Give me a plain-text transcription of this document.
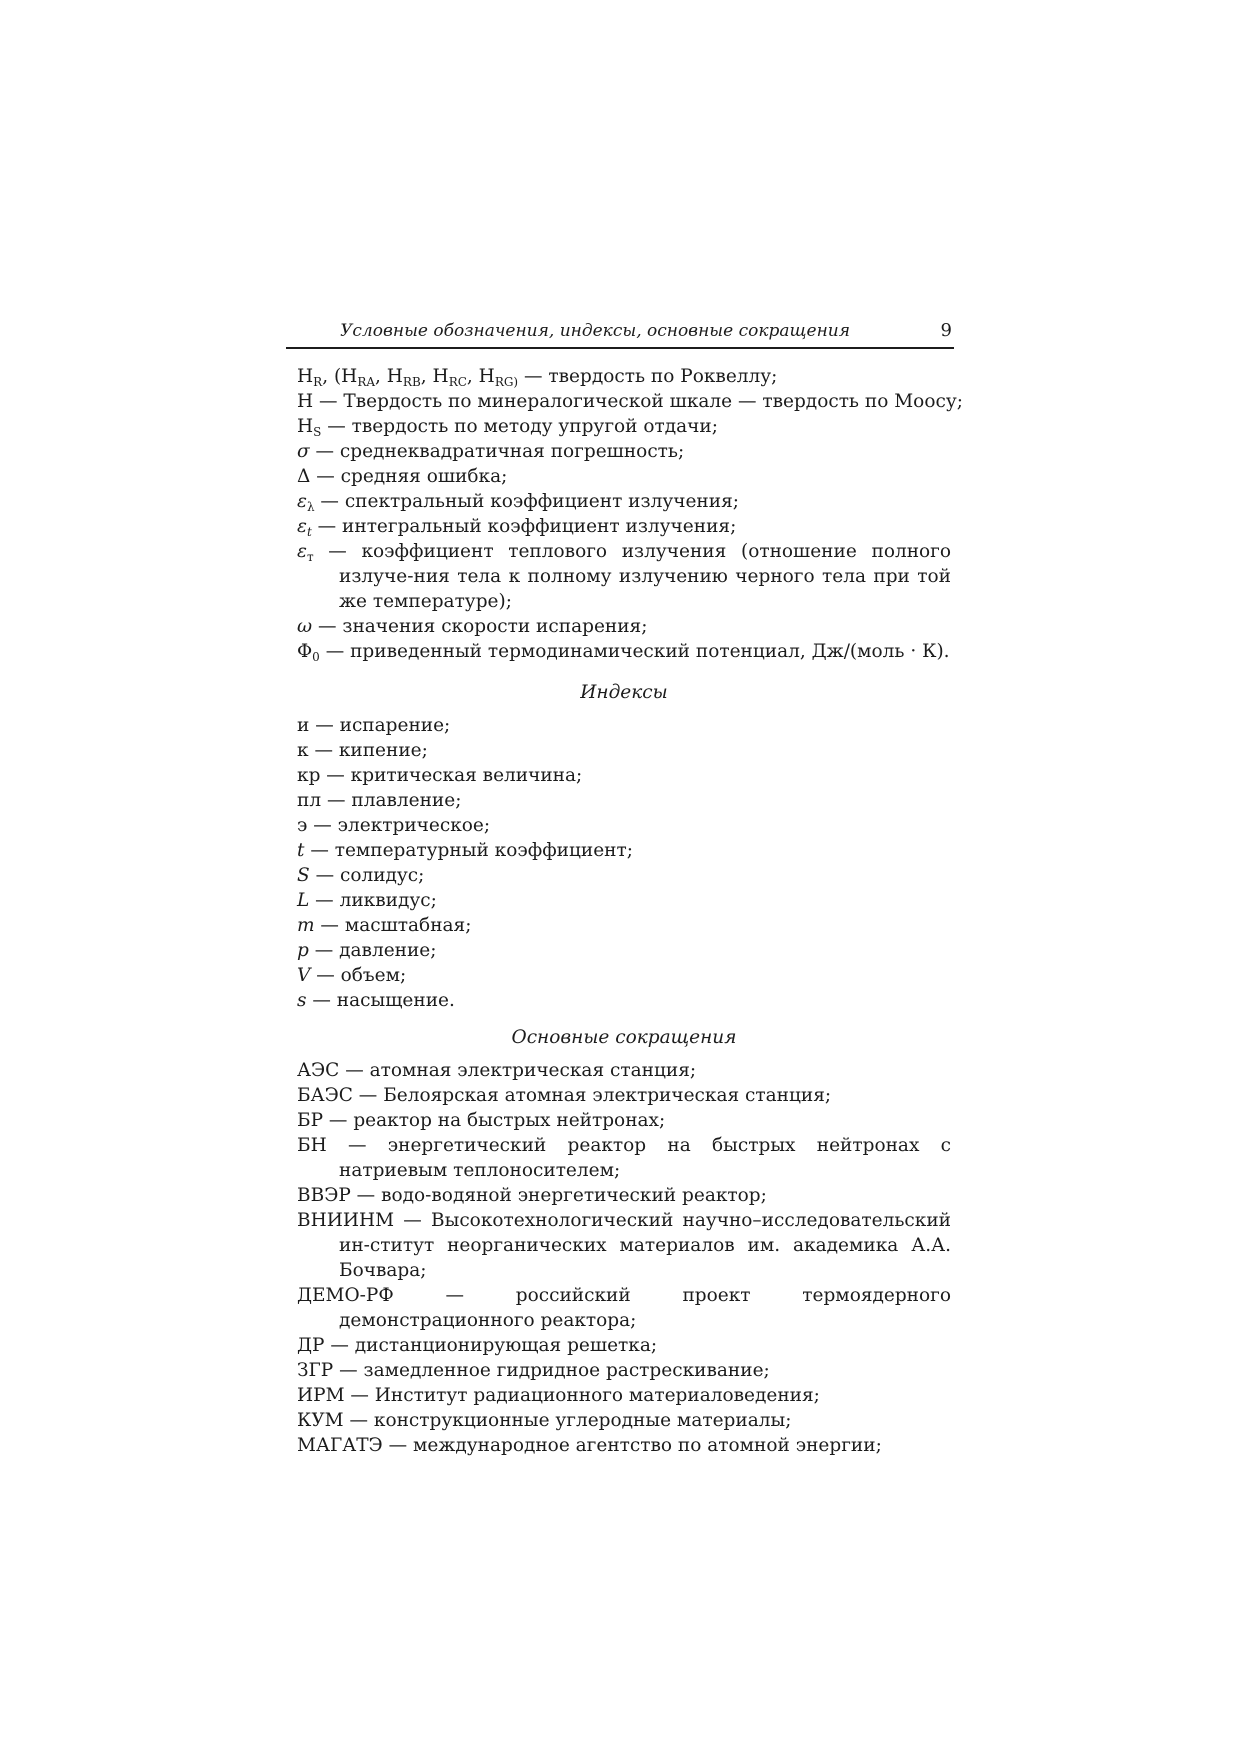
Условные обозначения, индексы, основные сокращения	9
$H_R$, ($H_{RA}$, $H_{RB}$, $H_{RC}$, $H_{RG)}$ — твердость по Роквеллу;
H — Твердость по минералогической шкале — твердость по Моосу;
$H_S$ — твердость по методу упругой отдачи;
σ — среднеквадратичная погрешность;
Δ — средняя ошибка;
$\varepsilon_\lambda$ — спектральный коэффициент излучения;
$\varepsilon_t$ — интегральный коэффициент излучения;
$\varepsilon_т$ — коэффициент теплового излучения (отношение полного излуче-ния тела к полному излучению черного тела при той же температуре);
ω — значения скорости испарения;
$\Phi_0$ — приведенный термодинамический потенциал, Дж/(моль · К).
Индексы
и — испарение;
к — кипение;
кр — критическая величина;
пл — плавление;
э — электрическое;
t — температурный коэффициент;
S — солидус;
L — ликвидус;
m — масштабная;
p — давление;
V — объем;
s — насыщение.
Основные сокращения
АЭС — атомная электрическая станция;
БАЭС — Белоярская атомная электрическая станция;
БР — реактор на быстрых нейтронах;
БН — энергетический реактор на быстрых нейтронах с натриевым теплоносителем;
ВВЭР — водо-водяной энергетический реактор;
ВНИИНМ — Высокотехнологический научно–исследовательский ин-ститут неорганических материалов им. академика А.А. Бочвара;
ДЕМО-РФ — российский проект термоядерного демонстрационного реактора;
ДР — дистанционирующая решетка;
ЗГР — замедленное гидридное растрескивание;
ИРМ — Институт радиационного материаловедения;
КУМ — конструкционные углеродные материалы;
МАГАТЭ — международное агентство по атомной энергии;
